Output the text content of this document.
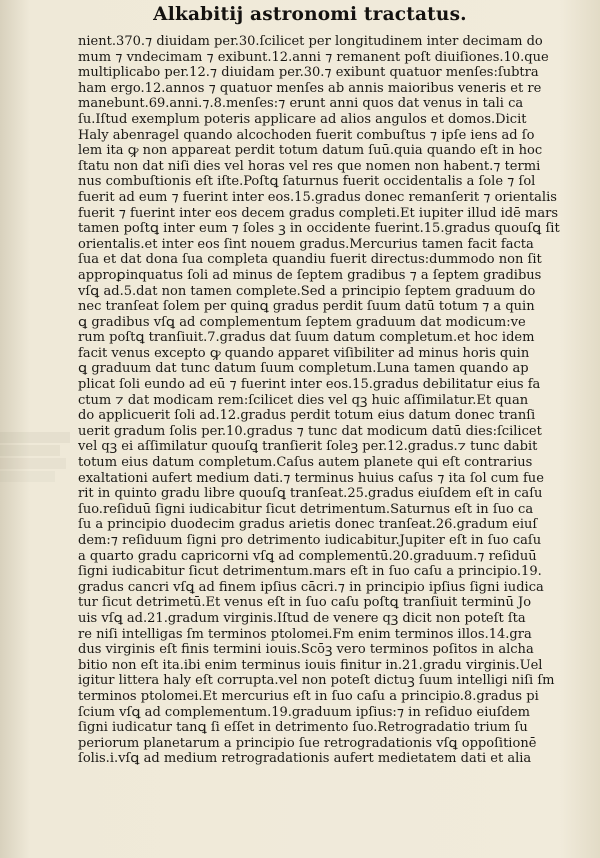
Alkabitij astronomi tractatus.
nient.370.⁊ diuidam per.30.ſcilicet per longitudinem inter decimam do
mum ⁊ vndecimam ⁊ exibunt.12.anni ⁊ remanent poſt diuiſiones.10.que
multiplicabo per.12.⁊ diuidam per.30.⁊ exibunt quatuor menſes:ſubtra
ham ergo.12.annos ⁊ quatuor menſes ab annis maioribus veneris et re
manebunt.69.anni.⁊.8.menſes:⁊ erunt anni quos dat venus in tali ca
ſu.Iſtud exemplum poteris applicare ad alios angulos et domos.Dicit
Haly abenragel quando alcochoden fuerit combuſtus ⁊ ipſe iens ad ſo
lem ita ꝙ non appareat perdit totum datum ſuū.quia quando eſt in hoc
ſtatu non dat niſi dies vel horas vel res que nomen non habent.⁊ termi
nus combuſtionis eſt iſte.Poſtꝗ ſaturnus fuerit occidentalis a ſole ⁊ ſol
fuerit ad eum ⁊ fuerint inter eos.15.gradus donec remanſerit ⁊ orientalis
fuerit ⁊ fuerint inter eos decem gradus completi.Et iupiter illud idē mars
tamen poſtꝗ inter eum ⁊ ſoles ꝫ in occidente fuerint.15.gradus quouſꝗ ſit
orientalis.et inter eos ſint nouem gradus.Mercurius tamen facit facta
ſua et dat dona ſua completa quandiu fuerit directus:dummodo non ſit
approꝑinquatus ſoli ad minus de ſeptem gradibus ⁊ a ſeptem gradibus
vſꝗ ad.5.dat non tamen complete.Sed a principio ſeptem graduum do
nec tranſeat ſolem per quinꝗ gradus perdit ſuum datū totum ⁊ a quin
ꝗ gradibus vſꝗ ad complementum ſeptem graduum dat modicum:ve
rum poſtꝗ tranſiuit.7.gradus dat ſuum datum completum.et hoc idem
facit venus excepto ꝙ quando apparet viſibiliter ad minus horis quin
ꝗ graduum dat tunc datum ſuum completum.Luna tamen quando ap
plicat ſoli eundo ad eū ⁊ fuerint inter eos.15.gradus debilitatur eius fa
ctum ⁊ dat modicam rem:ſcilicet dies vel qꝫ huic aſſimilatur.Et quan
do applicuerit ſoli ad.12.gradus perdit totum eius datum donec tranſi
uerit gradum ſolis per.10.gradus ⁊ tunc dat modicum datū dies:ſcilicet
vel qꝫ ei aſſimilatur quouſꝗ tranſierit ſoleꝫ per.12.gradus.⁊ tunc dabit
totum eius datum completum.Caſus autem planete qui eſt contrarius
exaltationi aufert medium dati.⁊ terminus huius caſus ⁊ ita ſol cum fue
rit in quinto gradu libre quouſꝗ tranſeat.25.gradus eiuſdem eſt in caſu
ſuo.reſiduū ſigni iudicabitur ſicut detrimentum.Saturnus eſt in ſuo ca
ſu a principio duodecim gradus arietis donec tranſeat.26.gradum eiuſ
dem:⁊ reſiduum ſigni pro detrimento iudicabitur.Jupiter eſt in ſuo caſu
a quarto gradu capricorni vſꝗ ad complementū.20.graduum.⁊ reſiduū
ſigni iudicabitur ſicut detrimentum.mars eſt in ſuo caſu a principio.19.
gradus cancri vſꝗ ad finem ipſius cācri.⁊ in principio ipſius ſigni iudica
tur ſicut detrimetū.Et venus eſt in ſuo caſu poſtꝗ tranſiuit terminū Jo
uis vſꝗ ad.21.gradum virginis.Iſtud de venere qꝫ dicit non poteſt ſta
re niſi intelligas ſm terminos ptolomei.Fm enim terminos illos.14.gra
dus virginis eſt finis termini iouis.Scōꝫ vero terminos poſitos in alcha
bitio non eſt ita.ibi enim terminus iouis finitur in.21.gradu virginis.Uel
igitur littera haly eſt corrupta.vel non poteſt dictuꝫ ſuum intelligi niſi ſm
terminos ptolomei.Et mercurius eſt in ſuo caſu a principio.8.gradus pi
ſcium vſꝗ ad complementum.19.graduum ipſius:⁊ in reſiduo eiuſdem
ſigni iudicatur tanꝗ ſi eſſet in detrimento ſuo.Retrogradatio trium ſu
periorum planetarum a principio ſue retrogradationis vſꝗ oppoſitionē
ſolis.i.vſꝗ ad medium retrogradationis aufert medietatem dati et alia
